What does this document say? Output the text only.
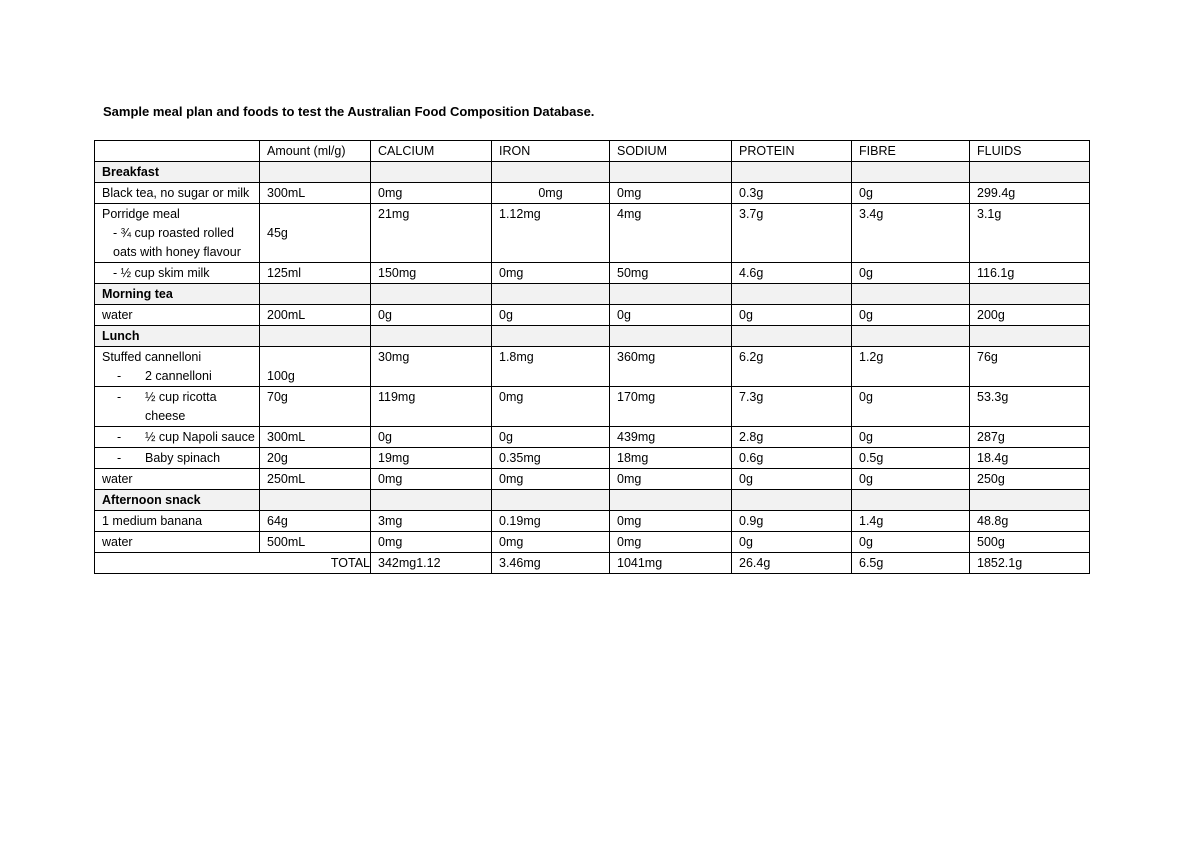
Sample meal plan and foods to test the Australian Food Composition Database.
	Amount (ml/g)	CALCIUM	IRON	SODIUM	PROTEIN	FIBRE	FLUIDS
Breakfast							
Black tea, no sugar or milk	300mL	0mg	0mg	0mg	0.3g	0g	299.4g

Porridge meal
- ¾ cup roasted rolled oats with honey flavour	45g	21mg	1.12mg	4mg	3.7g	3.4g	3.1g
- ½ cup skim milk	125ml	150mg	0mg	50mg	4.6g	0g	116.1g
Morning tea							
water	200mL	0g	0g	0g	0g	0g	200g
Lunch							

Stuffed cannelloni
- 2 cannelloni	100g	30mg	1.8mg	360mg	6.2g	1.2g	76g

- ½ cup ricotta cheese	70g	119mg	0mg	170mg	7.3g	0g	53.3g

- ½ cup Napoli sauce	300mL	0g	0g	439mg	2.8g	0g	287g

- Baby spinach	20g	19mg	0.35mg	18mg	0.6g	0.5g	18.4g
water	250mL	0mg	0mg	0mg	0g	0g	250g
Afternoon snack							
1 medium banana	64g	3mg	0.19mg	0mg	0.9g	1.4g	48.8g
water	500mL	0mg	0mg	0mg	0g	0g	500g
TOTAL		342mg1.12	3.46mg	1041mg	26.4g	6.5g	1852.1g
